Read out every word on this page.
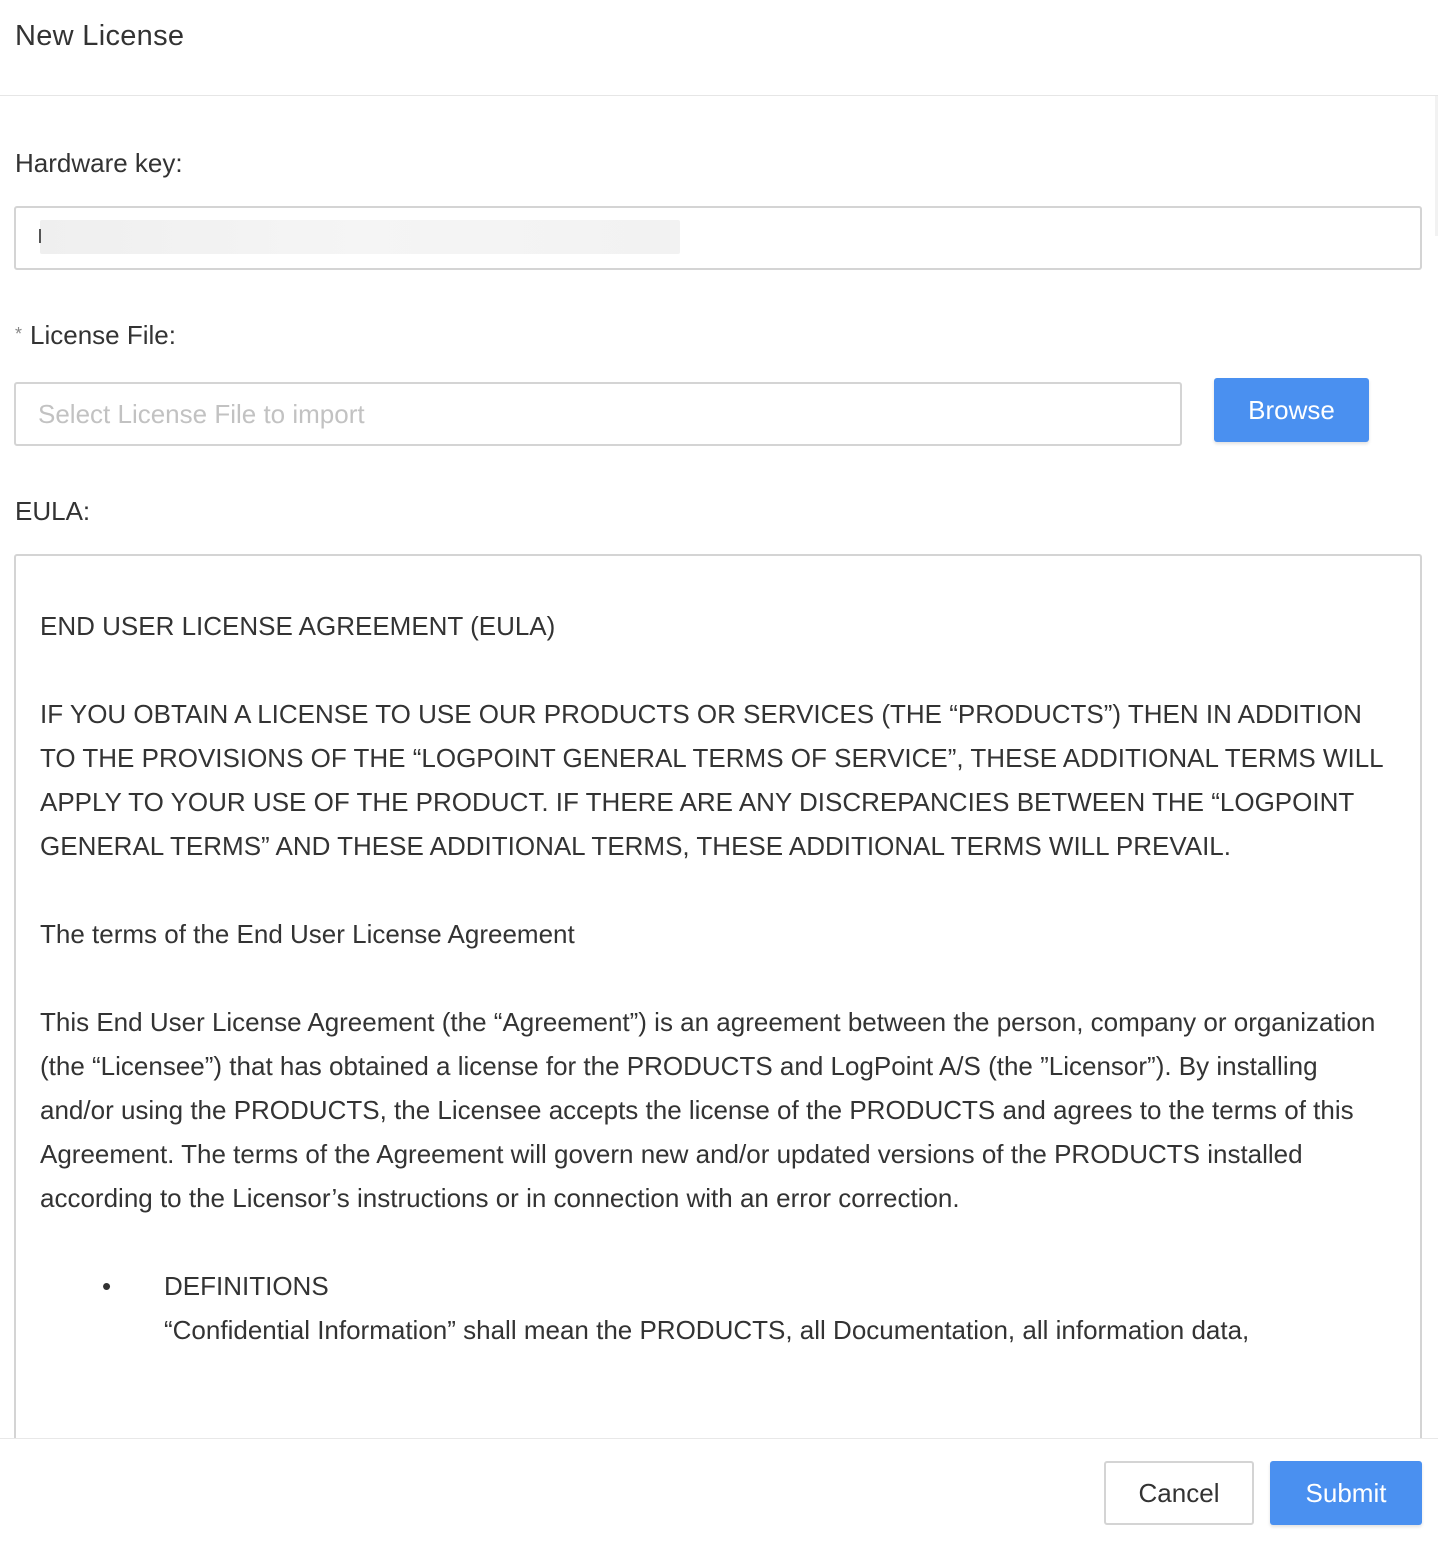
New License
Hardware key:
* License File:
Select License File to import
Browse
EULA:

END USER LICENSE AGREEMENT (EULA)

IF YOU OBTAIN A LICENSE TO USE OUR PRODUCTS OR SERVICES (THE “PRODUCTS”) THEN IN ADDITION TO THE PROVISIONS OF THE “LOGPOINT GENERAL TERMS OF SERVICE”, THESE ADDITIONAL TERMS WILL APPLY TO YOUR USE OF THE PRODUCT. IF THERE ARE ANY DISCREPANCIES BETWEEN THE “LOGPOINT GENERAL TERMS” AND THESE ADDITIONAL TERMS, THESE ADDITIONAL TERMS WILL PREVAIL.

The terms of the End User License Agreement

This End User License Agreement (the “Agreement”) is an agreement between the person, company or organization (the “Licensee”) that has obtained a license for the PRODUCTS and LogPoint A/S (the ”Licensor”). By installing and/or using the PRODUCTS, the Licensee accepts the license of the PRODUCTS and agrees to the terms of this Agreement. The terms of the Agreement will govern new and/or updated versions of the PRODUCTS installed according to the Licensor’s instructions or in connection with an error correction.

• DEFINITIONS
“Confidential Information” shall mean the PRODUCTS, all Documentation, all information data,
Cancel	Submit
